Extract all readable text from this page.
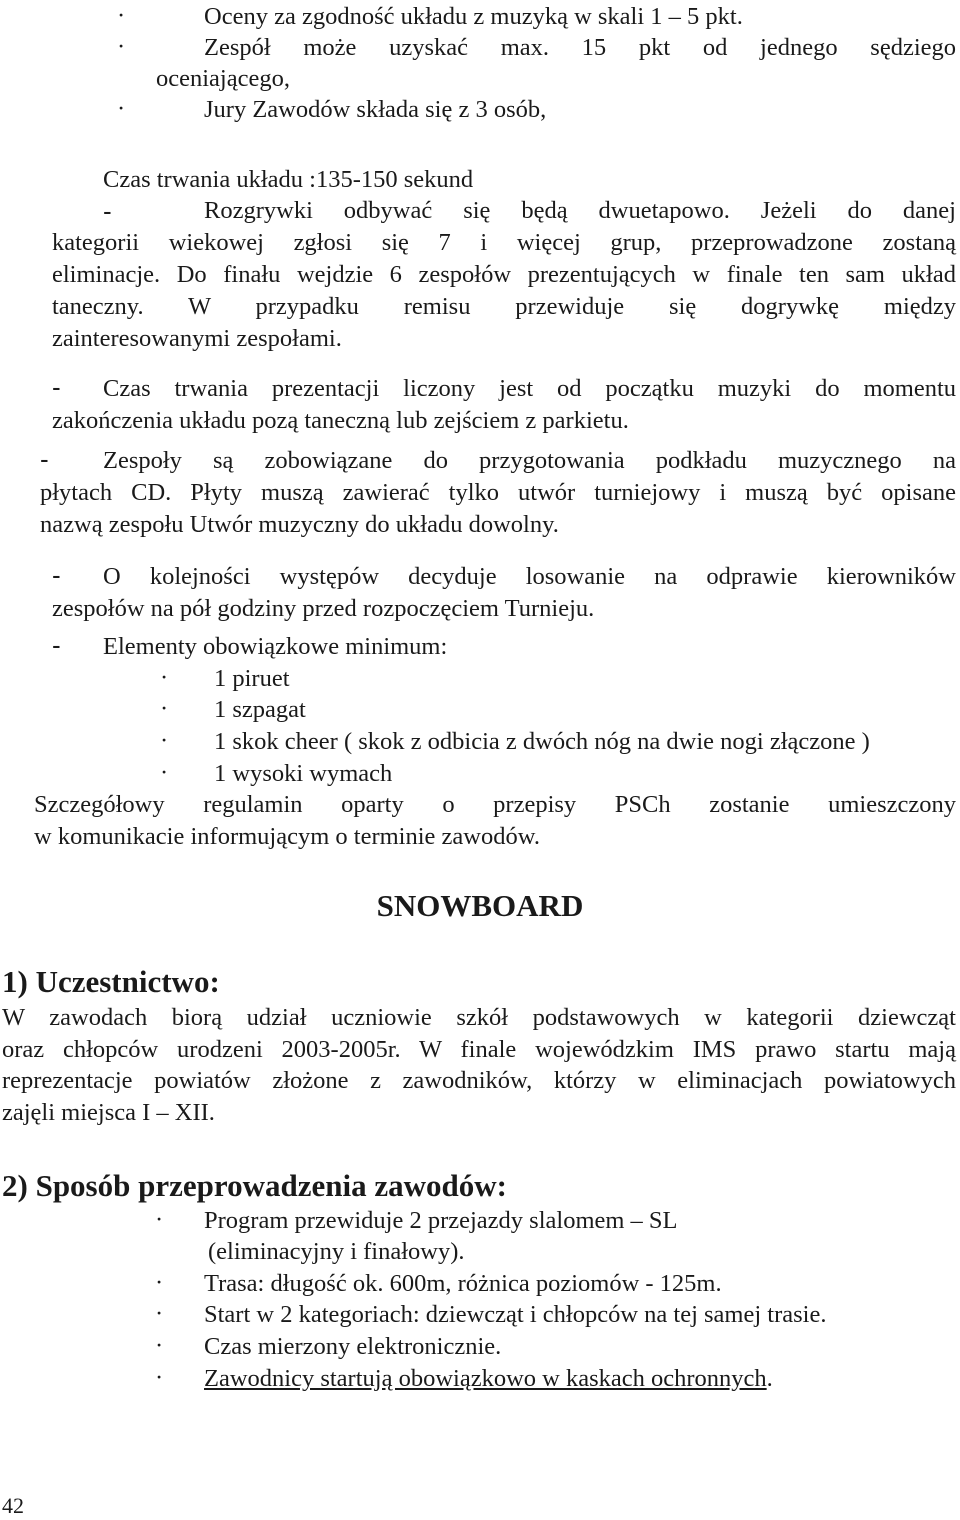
·	Oceny za zgodność układu z muzyką w skali 1 – 5 pkt.
·	Zespół może uzyskać max. 15 pkt od jednego sędziego
oceniającego,
·	Jury Zawodów składa się z 3 osób,
Czas trwania układu :135-150 sekund
-	Rozgrywki odbywać się będą dwuetapowo. Jeżeli do danej
kategorii wiekowej zgłosi się 7 i więcej grup, przeprowadzone zostaną
eliminacje. Do finału wejdzie 6 zespołów prezentujących w finale ten sam układ
taneczny. W przypadku remisu przewiduje się dogrywkę między
zainteresowanymi zespołami.
- Czas trwania prezentacji liczony jest od początku muzyki do momentu
zakończenia układu pozą taneczną lub zejściem z parkietu.
- Zespoły są zobowiązane do przygotowania podkładu muzycznego na
płytach CD. Płyty muszą zawierać tylko utwór turniejowy i muszą być opisane
nazwą zespołu Utwór muzyczny do układu dowolny.
- O kolejności występów decyduje losowanie na odprawie kierowników
zespołów na pół godziny przed rozpoczęciem Turnieju.
- Elementy obowiązkowe minimum:
· 1 piruet
· 1 szpagat
· 1 skok cheer ( skok z odbicia z dwóch nóg na dwie nogi złączone )
· 1 wysoki wymach
Szczegółowy regulamin oparty o przepisy PSCh zostanie umieszczony
w komunikacie informującym o terminie zawodów.
SNOWBOARD
1) Uczestnictwo:
W zawodach biorą udział uczniowie szkół podstawowych w kategorii dziewcząt
oraz chłopców urodzeni 2003-2005r. W finale wojewódzkim IMS prawo startu mają
reprezentacje powiatów złożone z zawodników, którzy w eliminacjach powiatowych
zajęli miejsca I – XII.
2) Sposób przeprowadzenia zawodów:
· Program przewiduje 2 przejazdy slalomem – SL
(eliminacyjny i finałowy).
· Trasa: długość ok. 600m, różnica poziomów - 125m.
· Start w 2 kategoriach: dziewcząt i chłopców na tej samej trasie.
· Czas mierzony elektronicznie.
· Zawodnicy startują obowiązkowo w kaskach ochronnych.
42
